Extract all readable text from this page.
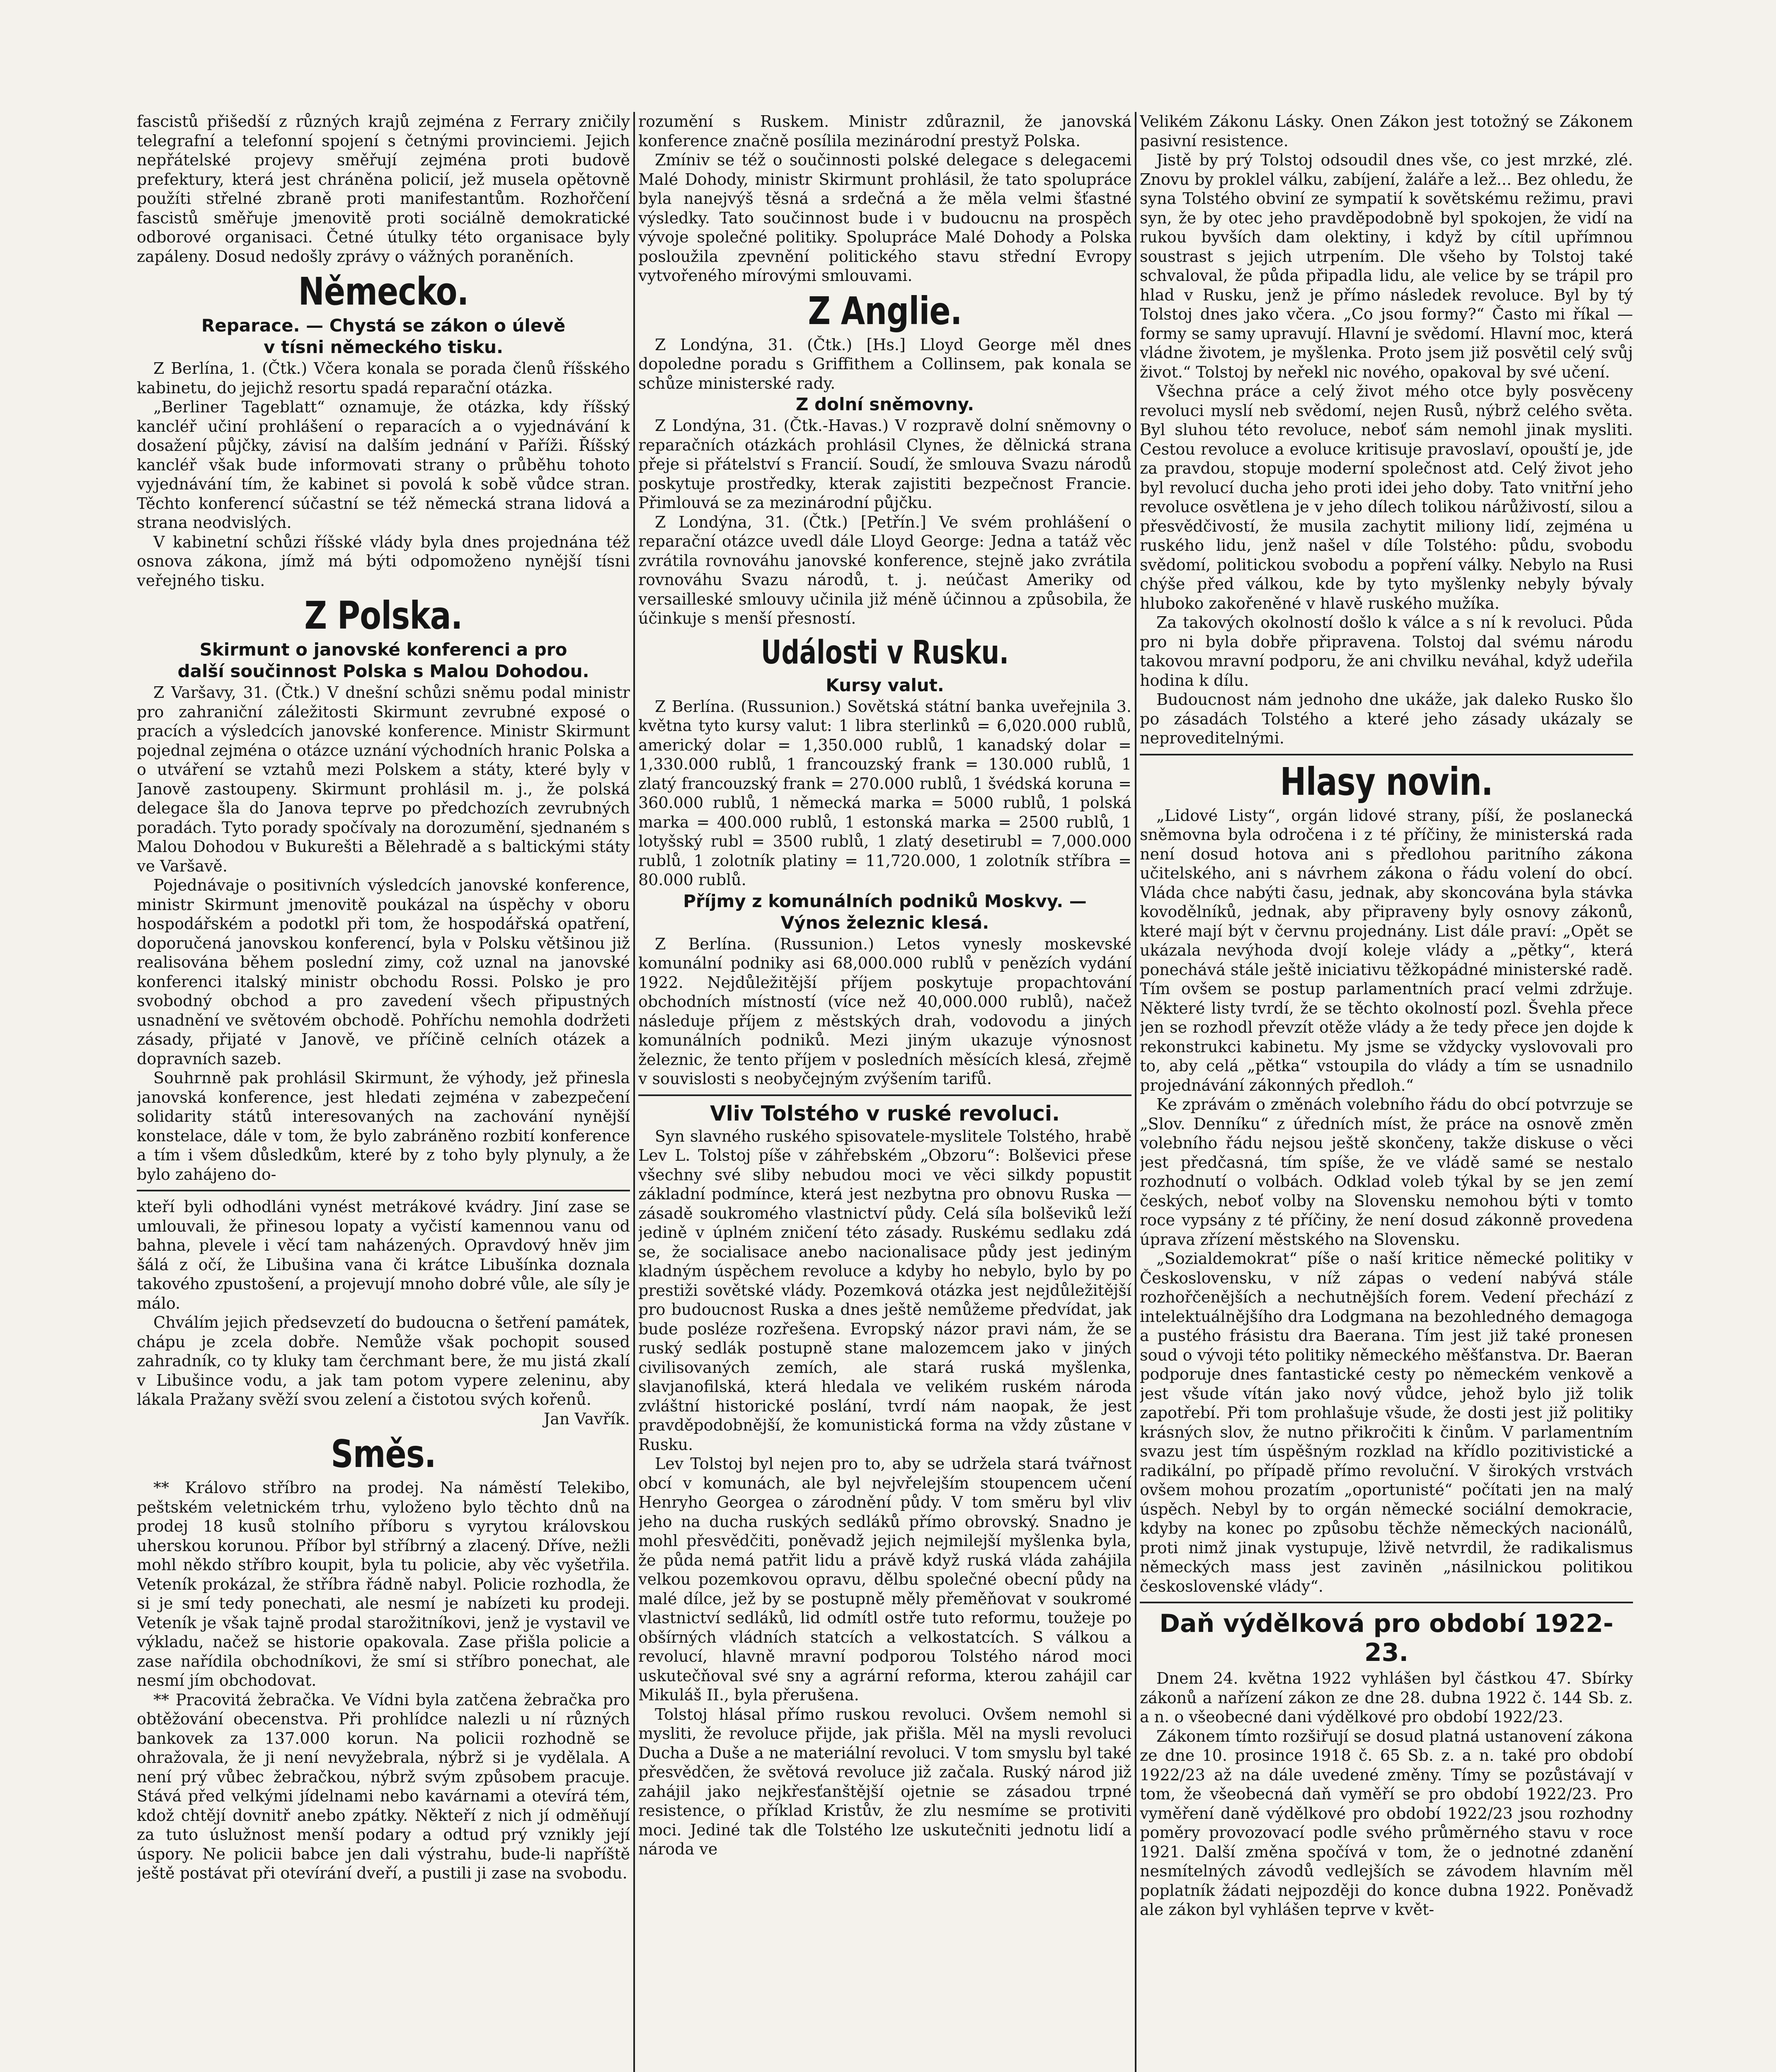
fascistů přišedší z různých krajů zejména z Ferrary zničily telegrafní a telefonní spojení s četnými provinciemi. Jejich nepřátelské projevy směřují zejména proti budově prefektury, která jest chráněna policií, jež musela opětovně použíti střelné zbraně proti manifestantům. Rozhořčení fascistů směřuje jmenovitě proti sociálně demokratické odborové organisaci. Četné útulky této organisace byly zapáleny. Dosud nedošly zprávy o vážných poraněních.

Německo.
Reparace. — Chystá se zákon o úlevě
v tísni německého tisku.

Z Berlína, 1. (Čtk.) Včera konala se porada členů říšského kabinetu, do jejichž resortu spadá reparační otázka.

„Berliner Tageblatt“ oznamuje, že otázka, kdy říšský kancléř učiní prohlášení o reparacích a o vyjednávání k dosažení půjčky, závisí na dalším jednání v Paříži. Říšský kancléř však bude informovati strany o průběhu tohoto vyjednávání tím, že kabinet si povolá k sobě vůdce stran. Těchto konferencí súčastní se též německá strana lidová a strana neodvislých.

V kabinetní schůzi říšské vlády byla dnes projednána též osnova zákona, jímž má býti odpomoženo nynější tísni veřejného tisku.

Z Polska.
Skirmunt o janovské konferenci a pro
další součinnost Polska s Malou Dohodou.

Z Varšavy, 31. (Čtk.) V dnešní schůzi sněmu podal ministr pro zahraniční záležitosti Skirmunt zevrubné exposé o pracích a výsledcích janovské konference. Ministr Skirmunt pojednal zejména o otázce uznání východních hranic Polska a o utváření se vztahů mezi Polskem a státy, které byly v Janově zastoupeny. Skirmunt prohlásil m. j., že polská delegace šla do Janova teprve po předchozích zevrubných poradách. Tyto porady spočívaly na dorozumění, sjednaném s Malou Dohodou v Bukurešti a Bělehradě a s baltickými státy ve Varšavě.

Pojednávaje o positivních výsledcích janovské konference, ministr Skirmunt jmenovitě poukázal na úspěchy v oboru hospodářském a podotkl při tom, že hospodářská opatření, doporučená janovskou konferencí, byla v Polsku většinou již realisována během poslední zimy, což uznal na janovské konferenci italský ministr obchodu Rossi. Polsko je pro svobodný obchod a pro zavedení všech připustných usnadnění ve světovém obchodě. Pohříchu nemohla dodržeti zásady, přijaté v Janově, ve příčině celních otázek a dopravních sazeb.

Souhrnně pak prohlásil Skirmunt, že výhody, jež přinesla janovská konference, jest hledati zejména v zabezpečení solidarity států interesovaných na zachování nynější konstelace, dále v tom, že bylo zabráněno rozbití konference a tím i všem důsledkům, které by z toho byly plynuly, a že bylo zahájeno do-

kteří byli odhodláni vynést metrákové kvádry. Jiní zase se umlouvali, že přinesou lopaty a vyčistí kamennou vanu od bahna, plevele i věcí tam naházených. Opravdový hněv jim šálá z očí, že Libušina vana či krátce Libušínka doznala takového zpustošení, a projevují mnoho dobré vůle, ale síly je málo.

Chválím jejich předsevzetí do budoucna o šetření památek, chápu je zcela dobře. Nemůže však pochopit soused zahradník, co ty kluky tam čerchmant bere, že mu jistá zkalí v Libušince vodu, a jak tam potom vypere zeleninu, aby lákala Pražany svěží svou zelení a čistotou svých kořenů.

Jan Vavřík.
Směs.

** Královo stříbro na prodej. Na náměstí Telekibo, peštském veletnickém trhu, vyloženo bylo těchto dnů na prodej 18 kusů stolního příboru s vyrytou královskou uherskou korunou. Příbor byl stříbrný a zlacený. Dříve, nežli mohl někdo stříbro koupit, byla tu policie, aby věc vyšetřila. Veteník prokázal, že stříbra řádně nabyl. Policie rozhodla, že si je smí tedy ponechati, ale nesmí je nabízeti ku prodeji. Veteník je však tajně prodal starožitníkovi, jenž je vystavil ve výkladu, načež se historie opakovala. Zase přišla policie a zase nařídila obchodníkovi, že smí si stříbro ponechat, ale nesmí jím obchodovat.

** Pracovitá žebračka. Ve Vídni byla zatčena žebračka pro obtěžování obecenstva. Při prohlídce nalezli u ní různých bankovek za 137.000 korun. Na policii rozhodně se ohražovala, že ji není nevyžebrala, nýbrž si je vydělala. A není prý vůbec žebračkou, nýbrž svým způsobem pracuje. Stává před velkými jídelnami nebo kavárnami a otevírá tém, kdož chtějí dovnitř anebo zpátky. Někteří z nich jí odměňují za tuto úslužnost menší podary a odtud prý vznikly její úspory. Ne policii babce jen dali výstrahu, bude-li napříště ještě postávat při otevírání dveří, a pustili ji zase na svobodu.

rozumění s Ruskem. Ministr zdůraznil, že janovská konference značně posílila mezinárodní prestyž Polska.

Zmíniv se též o součinnosti polské delegace s delegacemi Malé Dohody, ministr Skirmunt prohlásil, že tato spolupráce byla nanejvýš těsná a srdečná a že měla velmi šťastné výsledky. Tato součinnost bude i v budoucnu na prospěch vývoje společné politiky. Spolupráce Malé Dohody a Polska posloužila zpevnění politického stavu střední Evropy vytvořeného mírovými smlouvami.

Z Anglie.

Z Londýna, 31. (Čtk.) [Hs.] Lloyd George měl dnes dopoledne poradu s Griffithem a Collinsem, pak konala se schůze ministerské rady.

Z dolní sněmovny.

Z Londýna, 31. (Čtk.-Havas.) V rozpravě dolní sněmovny o reparačních otázkách prohlásil Clynes, že dělnická strana přeje si přátelství s Francií. Soudí, že smlouva Svazu národů poskytuje prostředky, kterak zajistiti bezpečnost Francie. Přimlouvá se za mezinárodní půjčku.

Z Londýna, 31. (Čtk.) [Petřín.] Ve svém prohlášení o reparační otázce uvedl dále Lloyd George: Jedna a tatáž věc zvrátila rovnováhu janovské konference, stejně jako zvrátila rovnováhu Svazu národů, t. j. neúčast Ameriky od versailleské smlouvy učinila již méně účinnou a způsobila, že účinkuje s menší přesností.

Události v Rusku.
Kursy valut.

Z Berlína. (Russunion.) Sovětská státní banka uveřejnila 3. května tyto kursy valut: 1 libra sterlinků = 6,020.000 rublů, americký dolar = 1,350.000 rublů, 1 kanadský dolar = 1,330.000 rublů, 1 francouzský frank = 130.000 rublů, 1 zlatý francouzský frank = 270.000 rublů, 1 švédská koruna = 360.000 rublů, 1 německá marka = 5000 rublů, 1 polská marka = 400.000 rublů, 1 estonská marka = 2500 rublů, 1 lotyšský rubl = 3500 rublů, 1 zlatý desetirubl = 7,000.000 rublů, 1 zolotník platiny = 11,720.000, 1 zolotník stříbra = 80.000 rublů.

Příjmy z komunálních podniků Moskvy. —
Výnos železnic klesá.

Z Berlína. (Russunion.) Letos vynesly moskevské komunální podniky asi 68,000.000 rublů v penězích vydání 1922. Nejdůležitější příjem poskytuje propachtování obchodních místností (více než 40,000.000 rublů), načež následuje příjem z městských drah, vodovodu a jiných komunálních podniků. Mezi jiným ukazuje výnosnost železnic, že tento příjem v posledních měsících klesá, zřejmě v souvislosti s neobyčejným zvýšením tarifů.

Vliv Tolstého v ruské revoluci.

Syn slavného ruského spisovatele-myslitele Tolstého, hrabě Lev L. Tolstoj píše v záhřebském „Obzoru“: Bolševici přese všechny své sliby nebudou moci ve věci silkdy popustit základní podmínce, která jest nezbytna pro obnovu Ruska — zásadě soukromého vlastnictví půdy. Celá síla bolševiků leží jedině v úplném zničení této zásady. Ruskému sedlaku zdá se, že socialisace anebo nacionalisace půdy jest jediným kladným úspěchem revoluce a kdyby ho nebylo, bylo by po prestiži sovětské vlády. Pozemková otázka jest nejdůležitější pro budoucnost Ruska a dnes ještě nemůžeme předvídat, jak bude posléze rozřešena. Evropský názor pravi nám, že se ruský sedlák postupně stane malozemcem jako v jiných civilisovaných zemích, ale stará ruská myšlenka, slavjanofilská, která hledala ve velikém ruském národa zvláštní historické poslání, tvrdí nám naopak, že jest pravděpodobnější, že komunistická forma na vždy zůstane v Rusku.

Lev Tolstoj byl nejen pro to, aby se udržela stará tvářnost obcí v komunách, ale byl nejvřelejším stoupencem učení Henryho Georgea o zárodnění půdy. V tom směru byl vliv jeho na ducha ruských sedláků přímo obrovský. Snadno je mohl přesvědčiti, poněvadž jejich nejmilejší myšlenka byla, že půda nemá patřit lidu a právě když ruská vláda zahájila velkou pozemkovou opravu, dělbu společné obecní půdy na malé dílce, jež by se postupně měly přeměňovat v soukromé vlastnictví sedláků, lid odmítl ostře tuto reformu, toužeje po obšírných vládních statcích a velkostatcích. S válkou a revolucí, hlavně mravní podporou Tolstého národ moci uskutečňoval své sny a agrární reforma, kterou zahájil car Mikuláš II., byla přerušena.

Tolstoj hlásal přímo ruskou revoluci. Ovšem nemohl si mysliti, že revoluce přijde, jak přišla. Měl na mysli revoluci Ducha a Duše a ne materiální revoluci. V tom smyslu byl také přesvědčen, že světová revoluce již začala. Ruský národ již zahájil jako nejkřesťanštější ojetnie se zásadou trpné resistence, o příklad Kristův, že zlu nesmíme se protiviti moci. Jediné tak dle Tolstého lze uskutečniti jednotu lidí a národa ve

Velikém Zákonu Lásky. Onen Zákon jest totožný se Zákonem pasivní resistence.

Jistě by prý Tolstoj odsoudil dnes vše, co jest mrzké, zlé. Znovu by proklel válku, zabíjení, žaláře a lež... Bez ohledu, že syna Tolstého obviní ze sympatií k sovětskému režimu, pravi syn, že by otec jeho pravděpodobně byl spokojen, že vidí na rukou byvších dam olektiny, i když by cítil upřímnou soustrast s jejich utrpením. Dle všeho by Tolstoj také schvaloval, že půda připadla lidu, ale velice by se trápil pro hlad v Rusku, jenž je přímo následek revoluce. Byl by tý Tolstoj dnes jako včera. „Co jsou formy?“ Často mi říkal — formy se samy upravují. Hlavní je svědomí. Hlavní moc, která vládne životem, je myšlenka. Proto jsem již posvětil celý svůj život.“ Tolstoj by neřekl nic nového, opakoval by své učení.

Všechna práce a celý život mého otce byly posvěceny revoluci myslí neb svědomí, nejen Rusů, nýbrž celého světa. Byl sluhou této revoluce, neboť sám nemohl jinak mysliti. Cestou revoluce a evoluce kritisuje pravoslaví, opouští je, jde za pravdou, stopuje moderní společnost atd. Celý život jeho byl revolucí ducha jeho proti idei jeho doby. Tato vnitřní jeho revoluce osvětlena je v jeho dílech tolikou nárůživostí, silou a přesvědčivostí, že musila zachytit miliony lidí, zejména u ruského lidu, jenž našel v díle Tolstého: půdu, svobodu svědomí, politickou svobodu a popření války. Nebylo na Rusi chýše před válkou, kde by tyto myšlenky nebyly bývaly hluboko zakořeněné v hlavě ruského mužíka.

Za takových okolností došlo k válce a s ní k revoluci. Půda pro ni byla dobře připravena. Tolstoj dal svému národu takovou mravní podporu, že ani chvilku neváhal, když udeřila hodina k dílu.

Budoucnost nám jednoho dne ukáže, jak daleko Rusko šlo po zásadách Tolstého a které jeho zásady ukázaly se neproveditelnými.

Hlasy novin.

„Lidové Listy“, orgán lidové strany, píší, že poslanecká sněmovna byla odročena i z té příčiny, že ministerská rada není dosud hotova ani s předlohou paritního zákona učitelského, ani s návrhem zákona o řádu volení do obcí. Vláda chce nabýti času, jednak, aby skoncována byla stávka kovodělníků, jednak, aby připraveny byly osnovy zákonů, které mají být v červnu projednány. List dále praví: „Opět se ukázala nevýhoda dvojí koleje vlády a „pětky“, která ponechává stále ještě iniciativu těžkopádné ministerské radě. Tím ovšem se postup parlamentních prací velmi zdržuje. Některé listy tvrdí, že se těchto okolností pozl. Švehla přece jen se rozhodl převzít otěže vlády a že tedy přece jen dojde k rekonstrukci kabinetu. My jsme se vždycky vyslovovali pro to, aby celá „pětka“ vstoupila do vlády a tím se usnadnilo projednávání zákonných předloh.“

Ke zprávám o změnách volebního řádu do obcí potvrzuje se „Slov. Denníku“ z úředních míst, že práce na osnově změn volebního řádu nejsou ještě skončeny, takže diskuse o věci jest předčasná, tím spíše, že ve vládě samé se nestalo rozhodnutí o volbách. Odklad voleb týkal by se jen zemí českých, neboť volby na Slovensku nemohou býti v tomto roce vypsány z té příčiny, že není dosud zákonně provedena úprava zřízení městského na Slovensku.

„Sozialdemokrat“ píše o naší kritice německé politiky v Československu, v níž zápas o vedení nabývá stále rozhořčenějších a nechutnějších forem. Vedení přechází z intelektuálnějšího dra Lodgmana na bezohledného demagoga a pustého frásistu dra Baerana. Tím jest již také pronesen soud o vývoji této politiky německého měšťanstva. Dr. Baeran podporuje dnes fantastické cesty po německém venkově a jest všude vítán jako nový vůdce, jehož bylo již tolik zapotřebí. Při tom prohlašuje všude, že dosti jest již politiky krásných slov, že nutno přikročiti k činům. V parlamentním svazu jest tím úspěšným rozklad na křídlo pozitivistické a radikální, po případě přímo revoluční. V širokých vrstvách ovšem mohou prozatím „oportunisté“ počítati jen na malý úspěch. Nebyl by to orgán německé sociální demokracie, kdyby na konec po způsobu těchže německých nacionálů, proti nimž jinak vystupuje, lživě netvrdil, že radikalismus německých mass jest zaviněn „násilnickou politikou československé vlády“.

Daň výdělková pro období 1922-23.

Dnem 24. května 1922 vyhlášen byl částkou 47. Sbírky zákonů a nařízení zákon ze dne 28. dubna 1922 č. 144 Sb. z. a n. o všeobecné dani výdělkové pro období 1922/23.

Zákonem tímto rozšiřují se dosud platná ustanovení zákona ze dne 10. prosince 1918 č. 65 Sb. z. a n. také pro období 1922/23 až na dále uvedené změny. Tímy se pozůstávají v tom, že všeobecná daň vyměří se pro období 1922/23. Pro vyměření daně výdělkové pro období 1922/23 jsou rozhodny poměry provozovací podle svého průměrného stavu v roce 1921. Další změna spočívá v tom, že o jednotné zdanění nesmítelných závodů vedlejších se závodem hlavním měl poplatník žádati nejpozději do konce dubna 1922. Poněvadž ale zákon byl vyhlášen teprve v květ-
